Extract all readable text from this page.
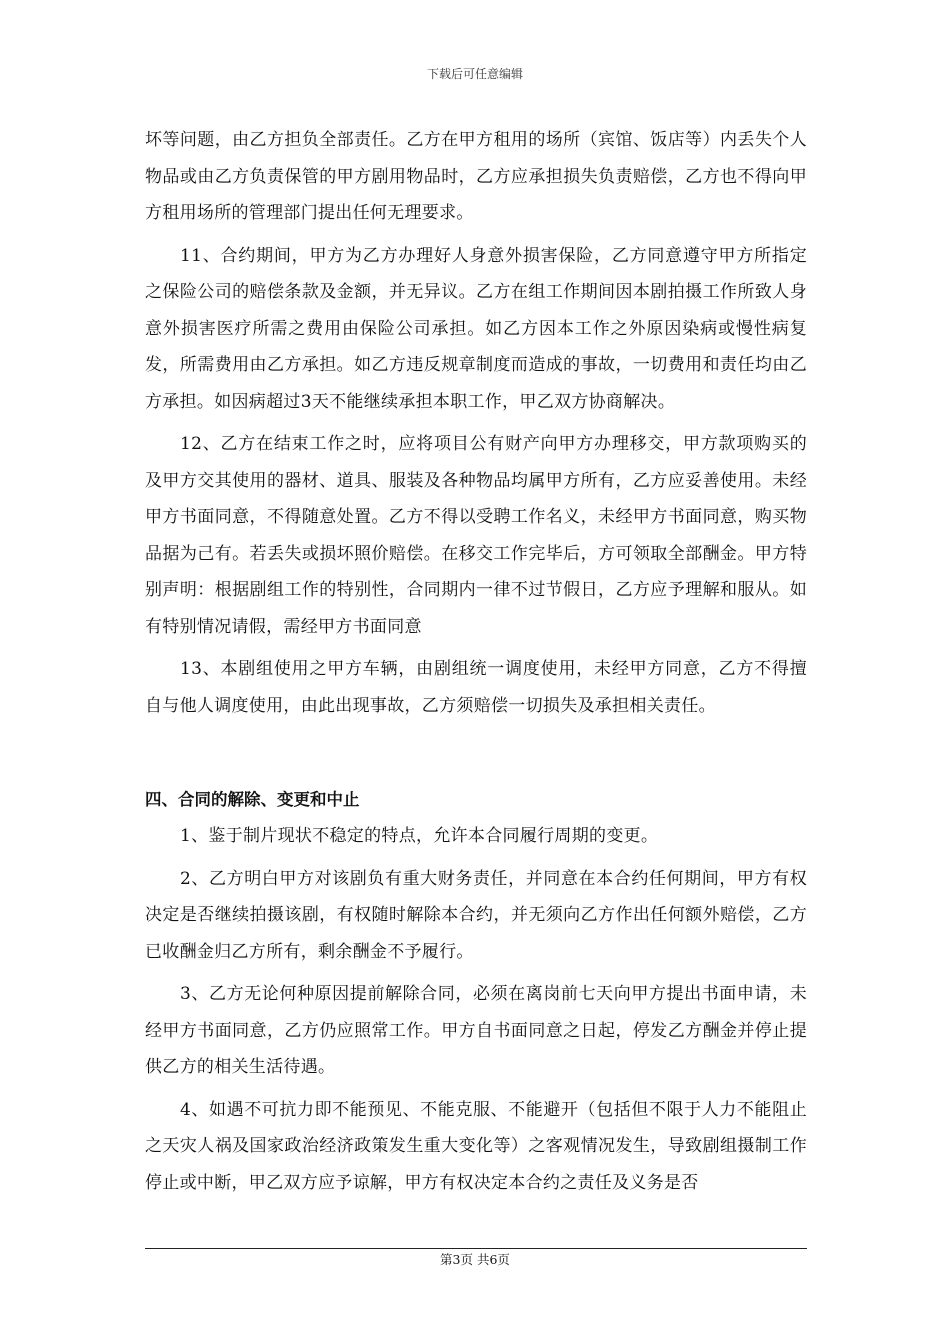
下载后可任意编辑

坏等问题，由乙方担负全部责任。乙方在甲方租用的场所（宾馆、饭店等）内丢失个人物品或由乙方负责保管的甲方剧用物品时，乙方应承担损失负责赔偿，乙方也不得向甲方租用场所的管理部门提出任何无理要求。

11、合约期间，甲方为乙方办理好人身意外损害保险，乙方同意遵守甲方所指定之保险公司的赔偿条款及金额，并无异议。乙方在组工作期间因本剧拍摄工作所致人身意外损害医疗所需之费用由保险公司承担。如乙方因本工作之外原因染病或慢性病复发，所需费用由乙方承担。如乙方违反规章制度而造成的事故，一切费用和责任均由乙方承担。如因病超过3天不能继续承担本职工作，甲乙双方协商解决。

12、乙方在结束工作之时，应将项目公有财产向甲方办理移交，甲方款项购买的及甲方交其使用的器材、道具、服装及各种物品均属甲方所有，乙方应妥善使用。未经甲方书面同意，不得随意处置。乙方不得以受聘工作名义，未经甲方书面同意，购买物品据为己有。若丢失或损坏照价赔偿。在移交工作完毕后，方可领取全部酬金。甲方特别声明：根据剧组工作的特别性，合同期内一律不过节假日，乙方应予理解和服从。如有特别情况请假，需经甲方书面同意

13、本剧组使用之甲方车辆，由剧组统一调度使用，未经甲方同意，乙方不得擅自与他人调度使用，由此出现事故，乙方须赔偿一切损失及承担相关责任。

四、合同的解除、变更和中止

1、鉴于制片现状不稳定的特点，允许本合同履行周期的变更。

2、乙方明白甲方对该剧负有重大财务责任，并同意在本合约任何期间，甲方有权决定是否继续拍摄该剧，有权随时解除本合约，并无须向乙方作出任何额外赔偿，乙方已收酬金归乙方所有，剩余酬金不予履行。

3、乙方无论何种原因提前解除合同，必须在离岗前七天向甲方提出书面申请，未经甲方书面同意，乙方仍应照常工作。甲方自书面同意之日起，停发乙方酬金并停止提供乙方的相关生活待遇。

4、如遇不可抗力即不能预见、不能克服、不能避开（包括但不限于人力不能阻止之天灾人祸及国家政治经济政策发生重大变化等）之客观情况发生，导致剧组摄制工作停止或中断，甲乙双方应予谅解，甲方有权决定本合约之责任及义务是否

第3页 共6页
